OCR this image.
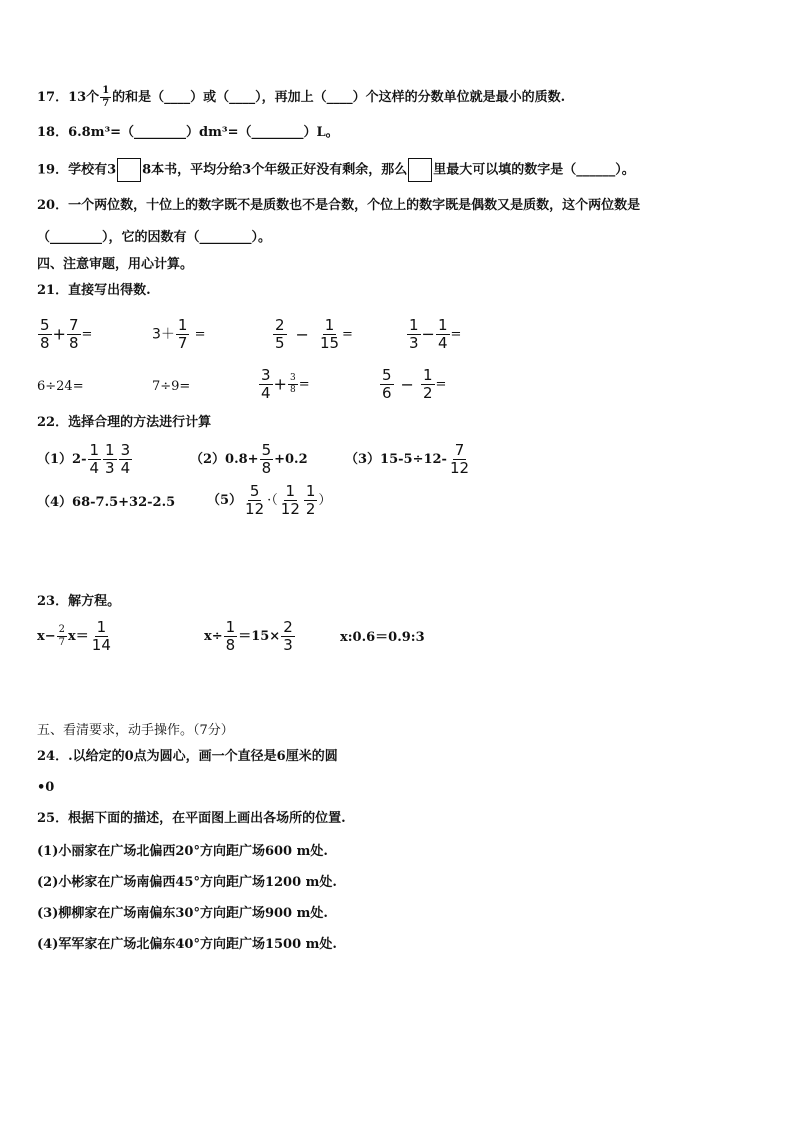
17．13个 $\frac{1}{7}$ 的和是（____）或（____），再加上（____）个这样的分数单位就是最小的质数.
18．6.8m³=（________）dm³=（________）L。
19．学校有3 8本书，平均分给3个年级正好没有剩余，那么 里最大可以填的数字是（______）。
20．一个两位数，十位上的数字既不是质数也不是合数，个位上的数字既是偶数又是质数，这个两位数是
（________），它的因数有（________）。
四、注意审题，用心计算。
21．直接写出得数.
$\frac{5}{8} + \frac{7}{8}$ =	$3+ \frac{1}{7}$ =	$\frac{2}{5} - \frac{1}{15}$ =	$\frac{1}{3} - \frac{1}{4}$ =
6÷24=	7÷9=	$\frac{3}{4} + \frac{3}{8}$ =	$\frac{5}{6} - \frac{1}{2}$ =
22．选择合理的方法进行计算
$(1)2- \frac{1}{4} \frac{1}{3} \frac{3}{4}$	$(2)0.8+ \frac{5}{8} +0.2$	$(3)15-5\div 12- \frac{7}{12}$
（4）68-7.5+32-2.5 $(5) \frac{5}{12}$ ·（ $\frac{1}{12} \frac{1}{2}$ ）
23．解方程。
$x- \frac{2}{7} x= \frac{1}{14}$	$x\div \frac{1}{8} =15\times \frac{2}{3}$	x:0.6＝0.9:3
五、看清要求，动手操作。（7分）
24．.以给定的0点为圆心，画一个直径是6厘米的圆
•0
25．根据下面的描述，在平面图上画出各场所的位置.
(1)小丽家在广场北偏西20°方向距广场600 m处.
(2)小彬家在广场南偏西45°方向距广场1200 m处.
(3)柳柳家在广场南偏东30°方向距广场900 m处.
(4)军军家在广场北偏东40°方向距广场1500 m处.
